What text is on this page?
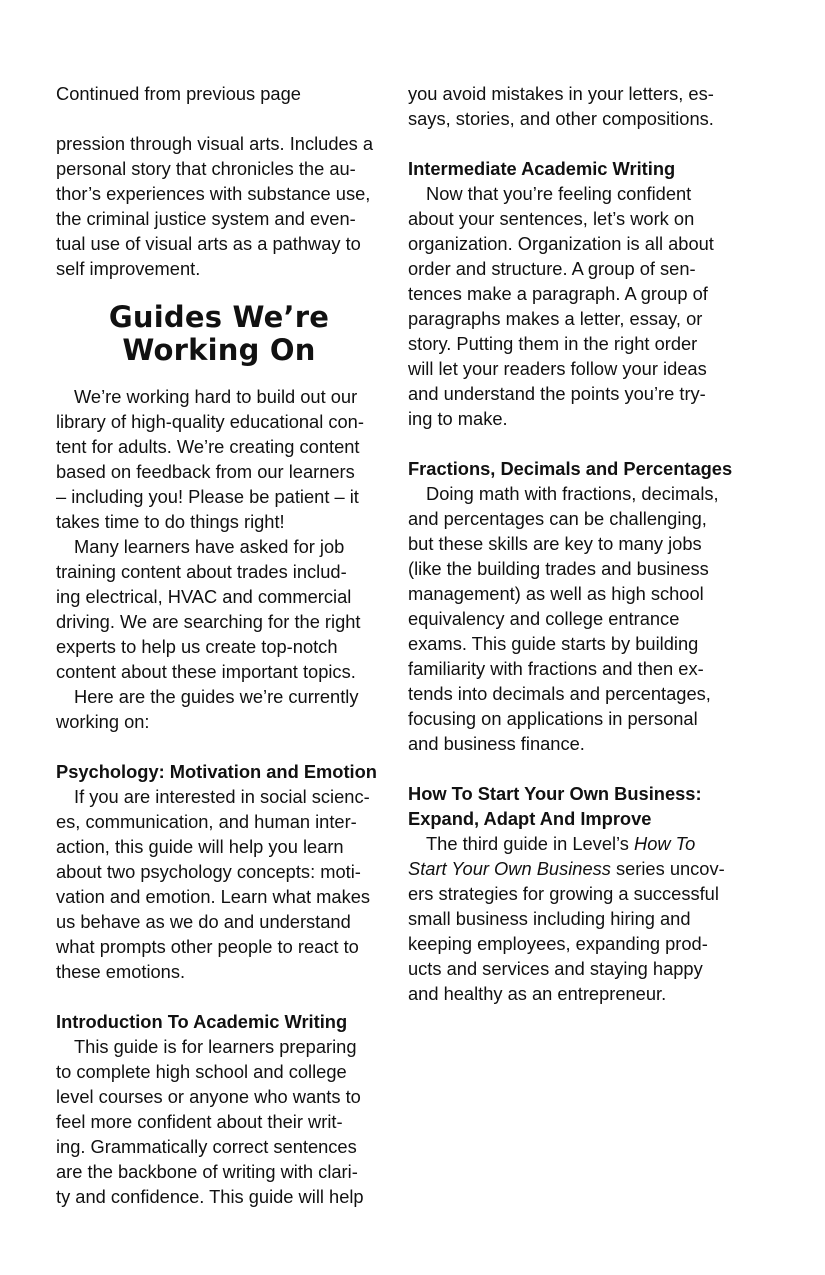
Continued from previous page
pression through visual arts. Includes a
personal story that chronicles the au-
thor’s experiences with substance use,
the criminal justice system and even-
tual use of visual arts as a pathway to
self improvement.
Guides We’re
Working On
We’re working hard to build out our
library of high-quality educational con-
tent for adults. We’re creating content
based on feedback from our learners
– including you! Please be patient – it
takes time to do things right!
Many learners have asked for job
training content about trades includ-
ing electrical, HVAC and commercial
driving. We are searching for the right
experts to help us create top-notch
content about these important topics.
Here are the guides we’re currently
working on:
Psychology: Motivation and Emotion
If you are interested in social scienc-
es, communication, and human inter-
action, this guide will help you learn
about two psychology concepts: moti-
vation and emotion. Learn what makes
us behave as we do and understand
what prompts other people to react to
these emotions.
Introduction To Academic Writing
This guide is for learners preparing
to complete high school and college
level courses or anyone who wants to
feel more confident about their writ-
ing. Grammatically correct sentences
are the backbone of writing with clari-
ty and confidence. This guide will help
you avoid mistakes in your letters, es-
says, stories, and other compositions.
Intermediate Academic Writing
Now that you’re feeling confident
about your sentences, let’s work on
organization. Organization is all about
order and structure. A group of sen-
tences make a paragraph. A group of
paragraphs makes a letter, essay, or
story. Putting them in the right order
will let your readers follow your ideas
and understand the points you’re try-
ing to make.
Fractions, Decimals and Percentages
Doing math with fractions, decimals,
and percentages can be challenging,
but these skills are key to many jobs
(like the building trades and business
management) as well as high school
equivalency and college entrance
exams. This guide starts by building
familiarity with fractions and then ex-
tends into decimals and percentages,
focusing on applications in personal
and business finance.
How To Start Your Own Business:
Expand, Adapt And Improve
The third guide in Level’s How To
Start Your Own Business series uncov-
ers strategies for growing a successful
small business including hiring and
keeping employees, expanding prod-
ucts and services and staying happy
and healthy as an entrepreneur.
